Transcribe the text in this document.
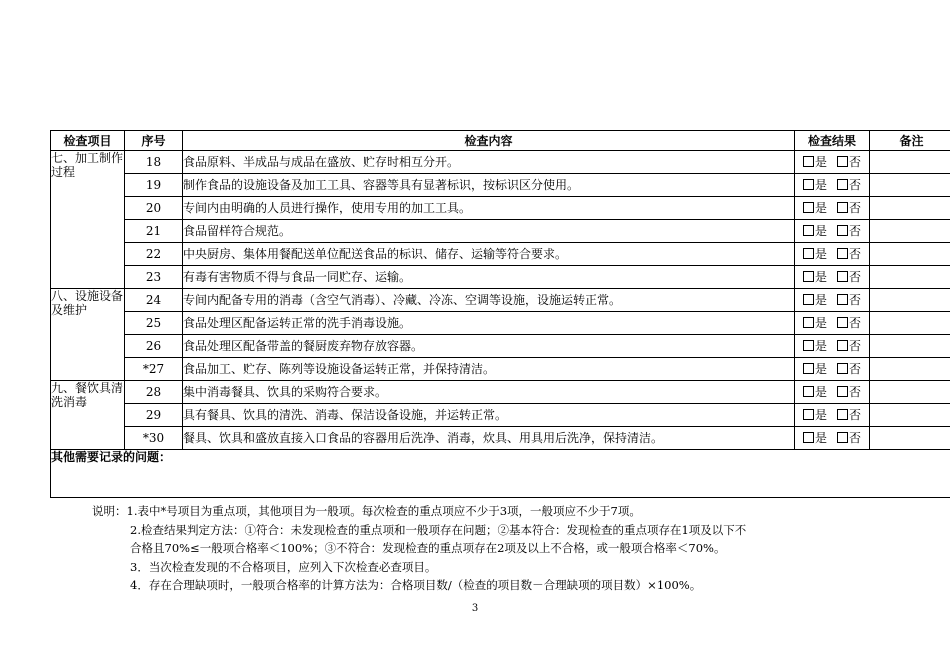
检查项目	序号	检查内容	检查结果	备注
七、加工制作过程	18	食品原料、半成品与成品在盛放、贮存时相互分开。	是 否	
	19	制作食品的设施设备及加工工具、容器等具有显著标识，按标识区分使用。	是 否	
	20	专间内由明确的人员进行操作，使用专用的加工工具。	是 否	
	21	食品留样符合规范。	是 否	
	22	中央厨房、集体用餐配送单位配送食品的标识、储存、运输等符合要求。	是 否	
	23	有毒有害物质不得与食品一同贮存、运输。	是 否	
八、设施设备及维护	24	专间内配备专用的消毒（含空气消毒）、冷藏、冷冻、空调等设施，设施运转正常。	是 否	
	25	食品处理区配备运转正常的洗手消毒设施。	是 否	
	26	食品处理区配备带盖的餐厨废弃物存放容器。	是 否	
	*27	食品加工、贮存、陈列等设施设备运转正常，并保持清洁。	是 否	
九、餐饮具清洗消毒	28	集中消毒餐具、饮具的采购符合要求。	是 否	
	29	具有餐具、饮具的清洗、消毒、保洁设备设施，并运转正常。	是 否	
	*30	餐具、饮具和盛放直接入口食品的容器用后洗净、消毒，炊具、用具用后洗净，保持清洁。	是 否	
其他需要记录的问题：				
说明：1.表中*号项目为重点项，其他项目为一般项。每次检查的重点项应不少于3项，一般项应不少于7项。
2.检查结果判定方法：①符合：未发现检查的重点项和一般项存在问题；②基本符合：发现检查的重点项存在1项及以下不
合格且70%≤一般项合格率＜100%；③不符合：发现检查的重点项存在2项及以上不合格，或一般项合格率＜70%。
3．当次检查发现的不合格项目，应列入下次检查必查项目。
4．存在合理缺项时，一般项合格率的计算方法为：合格项目数/（检查的项目数－合理缺项的项目数）×100%。
3
